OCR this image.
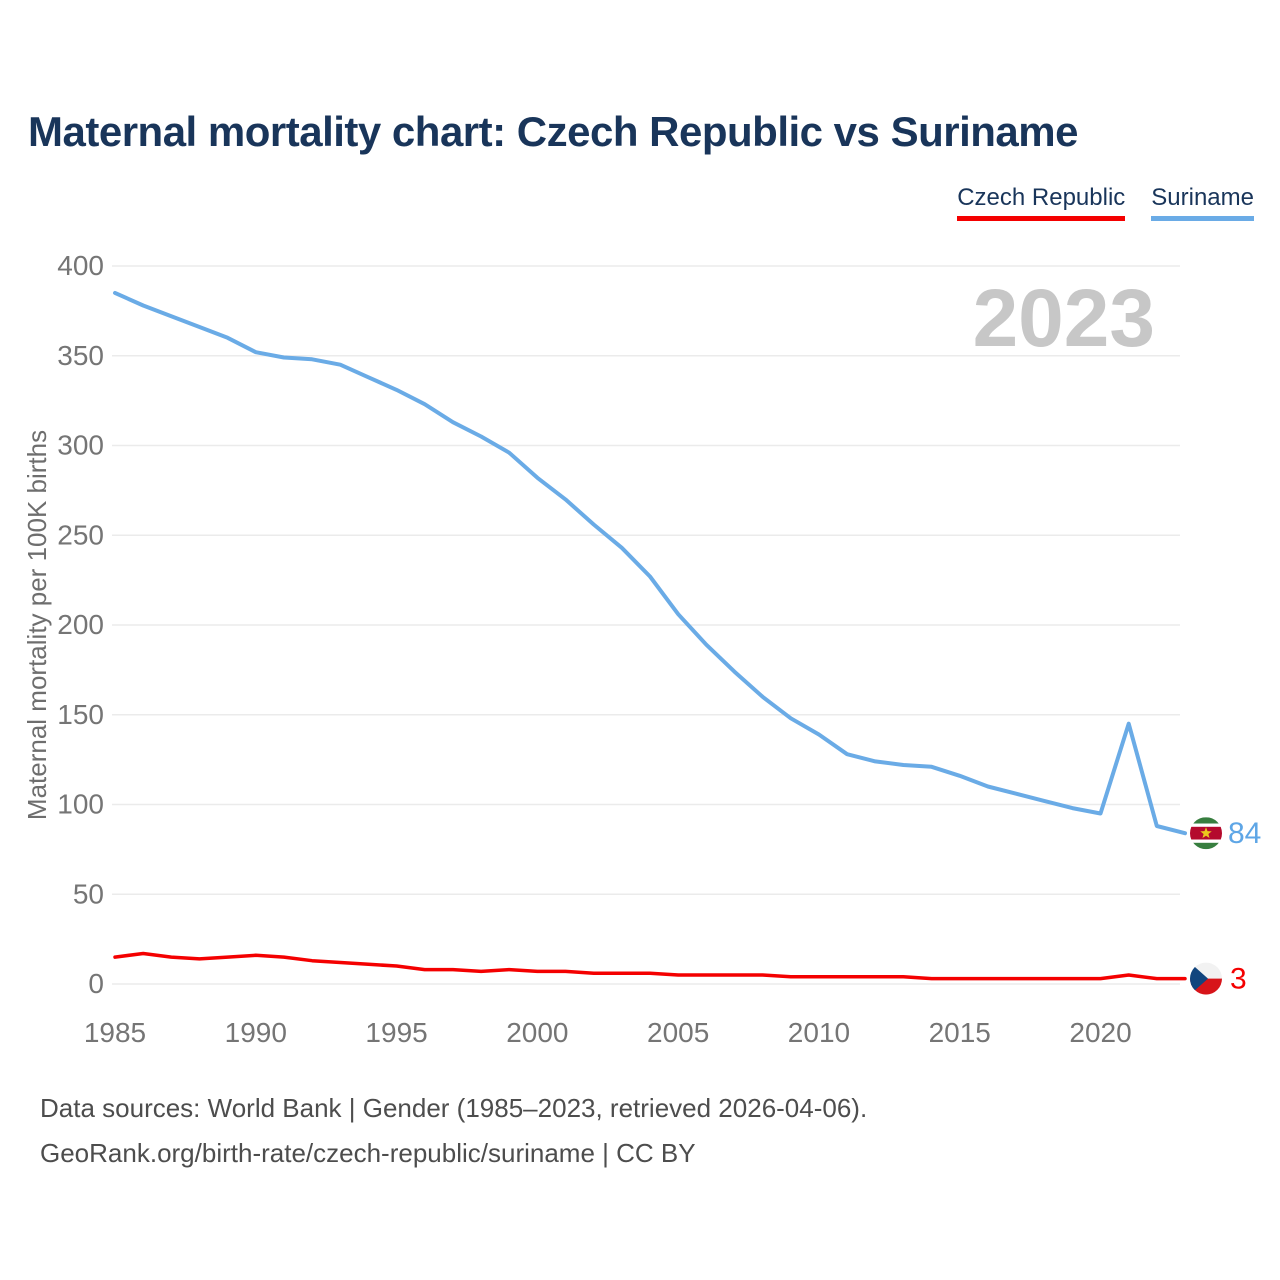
Maternal mortality chart: Czech Republic vs Suriname
Czech Republic Suriname
2023
Maternal mortality per 100K births
0
50
100
150
200
250
300
350
400
1985	1990	1995	2000	2005	2010	2015	2020
84
3
Data sources: World Bank | Gender (1985–2023, retrieved 2026-04-06).
GeoRank.org/birth-rate/czech-republic/suriname | CC BY
